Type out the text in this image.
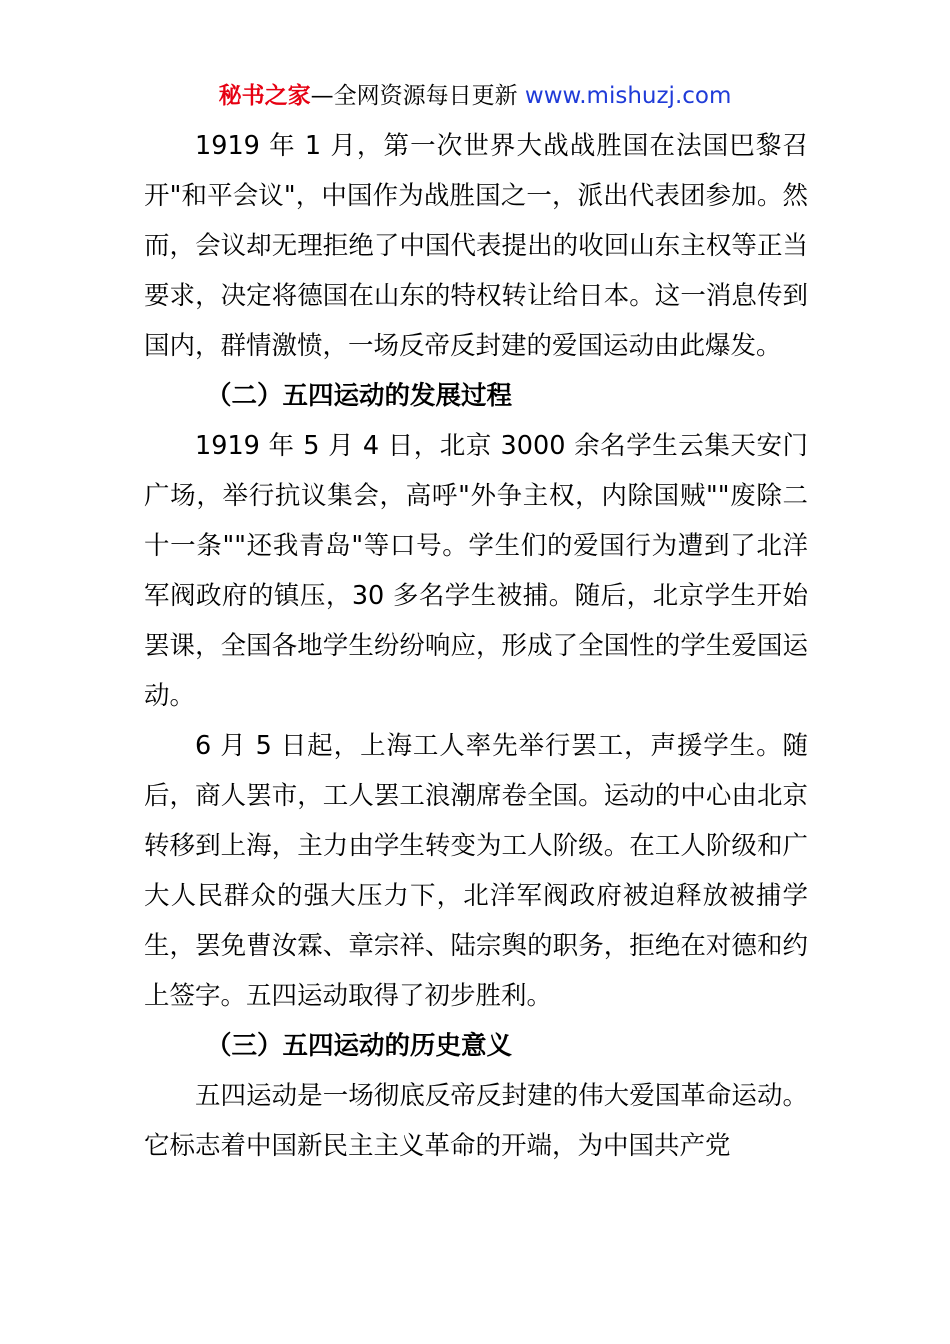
秘书之家—全网资源每日更新 www.mishuzj.com

1919 年 1 月，第一次世界大战战胜国在法国巴黎召开"和平会议"，中国作为战胜国之一，派出代表团参加。然而，会议却无理拒绝了中国代表提出的收回山东主权等正当要求，决定将德国在山东的特权转让给日本。这一消息传到国内，群情激愤，一场反帝反封建的爱国运动由此爆发。

（二）五四运动的发展过程

1919 年 5 月 4 日，北京 3000 余名学生云集天安门广场，举行抗议集会，高呼"外争主权，内除国贼""废除二十一条""还我青岛"等口号。学生们的爱国行为遭到了北洋军阀政府的镇压，30 多名学生被捕。随后，北京学生开始罢课，全国各地学生纷纷响应，形成了全国性的学生爱国运动。

6 月 5 日起，上海工人率先举行罢工，声援学生。随后，商人罢市，工人罢工浪潮席卷全国。运动的中心由北京转移到上海，主力由学生转变为工人阶级。在工人阶级和广大人民群众的强大压力下，北洋军阀政府被迫释放被捕学生，罢免曹汝霖、章宗祥、陆宗舆的职务，拒绝在对德和约上签字。五四运动取得了初步胜利。

（三）五四运动的历史意义

五四运动是一场彻底反帝反封建的伟大爱国革命运动。它标志着中国新民主主义革命的开端，为中国共产党
